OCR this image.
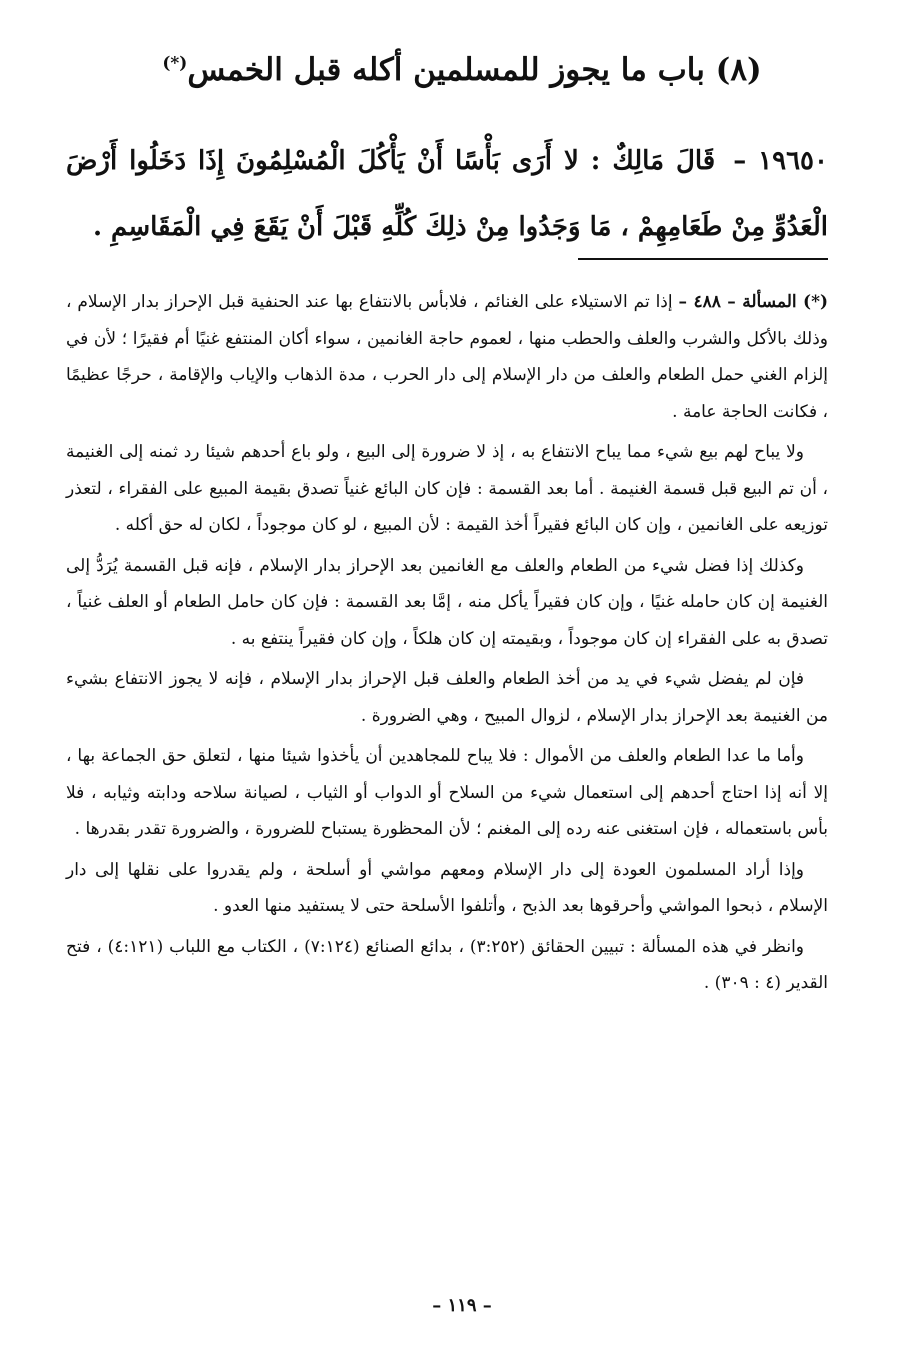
(٨) باب ما يجوز للمسلمين أكله قبل الخمس(*)

١٩٦٥٠ – قَالَ مَالِكٌ : لا أَرَى بَأْسًا أَنْ يَأْكُلَ الْمُسْلِمُونَ إِذَا دَخَلُوا أَرْضَ الْعَدُوِّ مِنْ طَعَامِهِمْ ، مَا وَجَدُوا مِنْ ذلِكَ كُلِّهِ قَبْلَ أَنْ يَقَعَ فِي الْمَقَاسِمِ .

(*) المسألة – ٤٨٨ – إذا تم الاستيلاء على الغنائم ، فلابأس بالانتفاع بها عند الحنفية قبل الإحراز بدار الإسلام ، وذلك بالأكل والشرب والعلف والحطب منها ، لعموم حاجة الغانمين ، سواء أكان المنتفع غنيًا أم فقيرًا ؛ لأن في إلزام الغني حمل الطعام والعلف من دار الإسلام إلى دار الحرب ، مدة الذهاب والإياب والإقامة ، حرجًا عظيمًا ، فكانت الحاجة عامة .

ولا يباح لهم بيع شيء مما يباح الانتفاع به ، إذ لا ضرورة إلى البيع ، ولو باع أحدهم شيئا رد ثمنه إلى الغنيمة ، أن تم البيع قبل قسمة الغنيمة . أما بعد القسمة : فإن كان البائع غنياً تصدق بقيمة المبيع على الفقراء ، لتعذر توزيعه على الغانمين ، وإن كان البائع فقيراً أخذ القيمة : لأن المبيع ، لو كان موجوداً ، لكان له حق أكله .

وكذلك إذا فضل شيء من الطعام والعلف مع الغانمين بعد الإحراز بدار الإسلام ، فإنه قبل القسمة يُرَدُّ إلى الغنيمة إن كان حامله غنيًا ، وإن كان فقيراً يأكل منه ، إمَّا بعد القسمة : فإن كان حامل الطعام أو العلف غنياً ، تصدق به على الفقراء إن كان موجوداً ، وبقيمته إن كان هلكاً ، وإن كان فقيراً ينتفع به .

فإن لم يفضل شيء في يد من أخذ الطعام والعلف قبل الإحراز بدار الإسلام ، فإنه لا يجوز الانتفاع بشيء من الغنيمة بعد الإحراز بدار الإسلام ، لزوال المبيح ، وهي الضرورة .

وأما ما عدا الطعام والعلف من الأموال : فلا يباح للمجاهدين أن يأخذوا شيئا منها ، لتعلق حق الجماعة بها ، إلا أنه إذا احتاج أحدهم إلى استعمال شيء من السلاح أو الدواب أو الثياب ، لصيانة سلاحه ودابته وثيابه ، فلا بأس باستعماله ، فإن استغنى عنه رده إلى المغنم ؛ لأن المحظورة يستباح للضرورة ، والضرورة تقدر بقدرها .

وإذا أراد المسلمون العودة إلى دار الإسلام ومعهم مواشي أو أسلحة ، ولم يقدروا على نقلها إلى دار الإسلام ، ذبحوا المواشي وأحرقوها بعد الذبح ، وأتلفوا الأسلحة حتى لا يستفيد منها العدو .

وانظر في هذه المسألة : تبيين الحقائق (٣:٢٥٢) ، بدائع الصنائع (٧:١٢٤) ، الكتاب مع اللباب (٤:١٢١) ، فتح القدير (٤ : ٣٠٩) .

– ١١٩ –
